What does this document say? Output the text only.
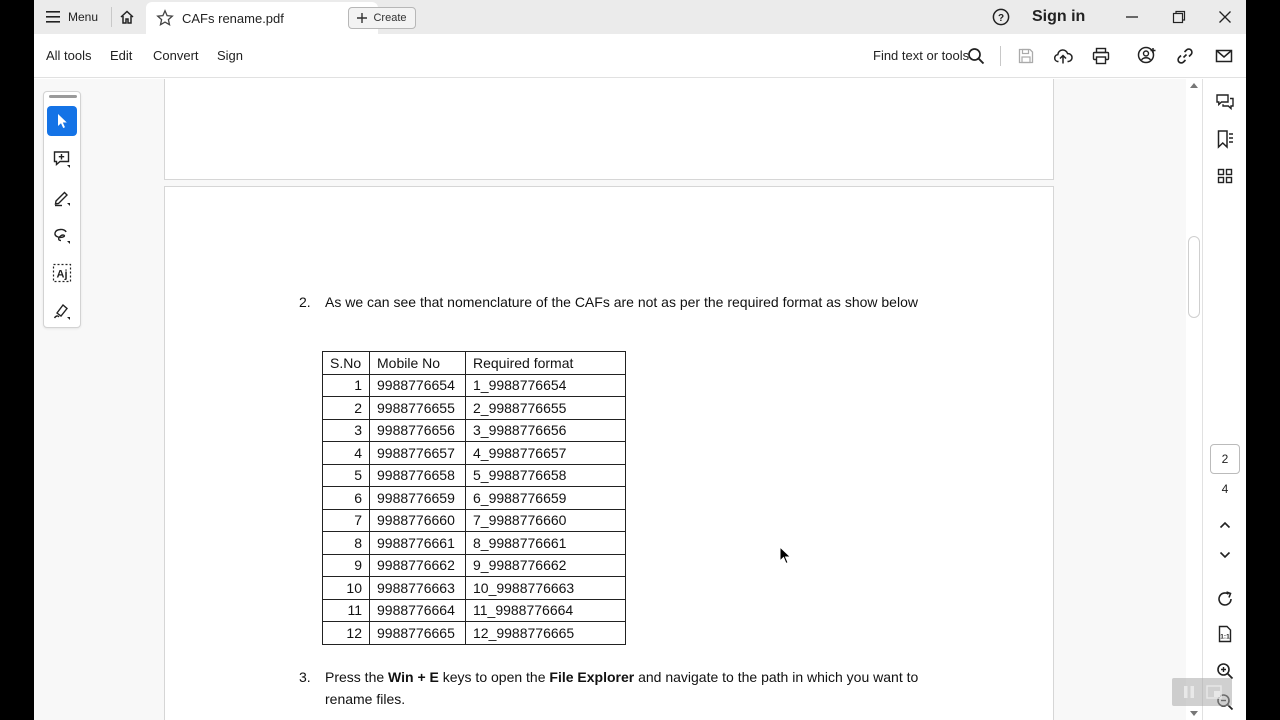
Menu	CAFs rename.pdf	Create	? Sign in
All tools Edit Convert Sign	Find text or tools
2. As we can see that nomenclature of the CAFs are not as per the required format as show below
S.No	Mobile No	Required format
1	9988776654	1_9988776654
2	9988776655	2_9988776655
3	9988776656	3_9988776656
4	9988776657	4_9988776657
5	9988776658	5_9988776658
6	9988776659	6_9988776659
7	9988776660	7_9988776660
8	9988776661	8_9988776661
9	9988776662	9_9988776662
10	9988776663	10_9988776663
11	9988776664	11_9988776664
12	9988776665	12_9988776665
3. Press the Win + E keys to open the File Explorer and navigate to the path in which you want to

rename files.
Aj
2
4
1:1
